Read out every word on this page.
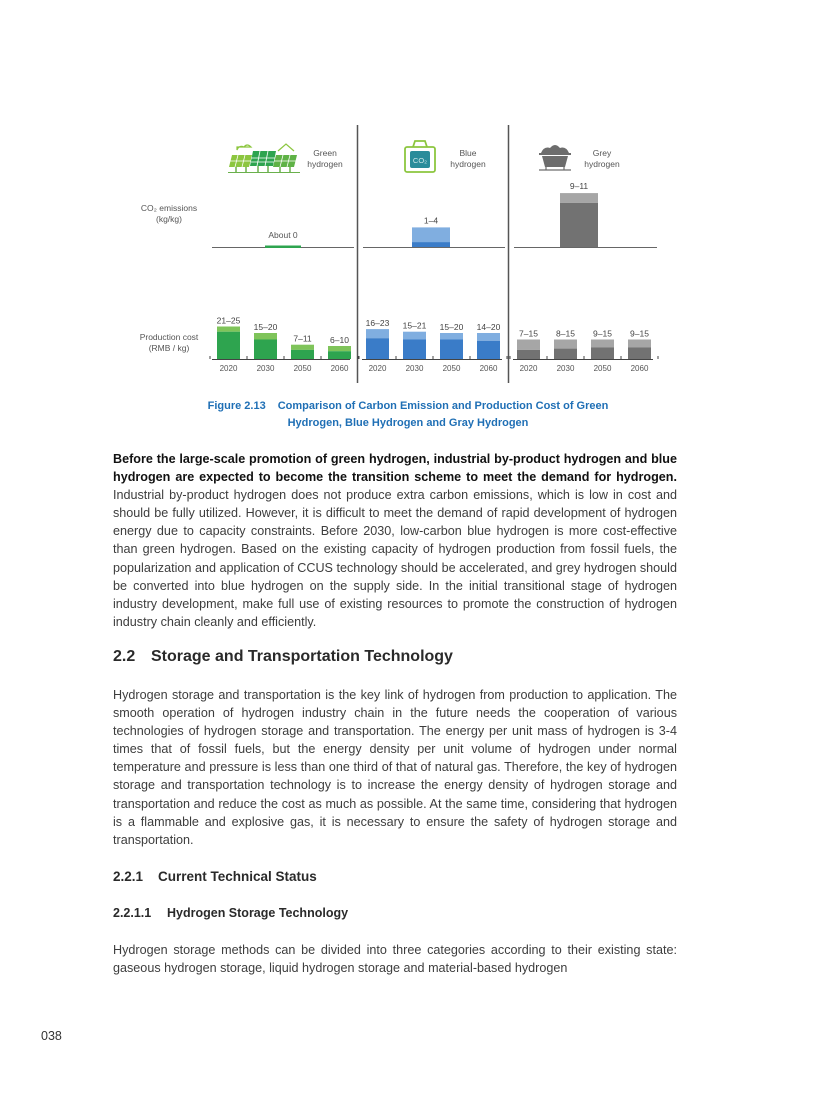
CO₂ emissions
(kg/kg)
Production cost
(RMB / kg)
Green
hydrogen
Blue
hydrogen
Grey
hydrogen
CO₂
About 0
1–4
9–11
21–25
2020
15–20
2030
7–11
2050
6–10
2060
16–23
2020
15–21
2030
15–20
2050
14–20
2060
7–15
2020
8–15
2030
9–15
2050
9–15
2060
Figure 2.13 Comparison of Carbon Emission and Production Cost of Green
Hydrogen, Blue Hydrogen and Gray Hydrogen

Before the large-scale promotion of green hydrogen, industrial by-product hydrogen and blue hydrogen are expected to become the transition scheme to meet the demand for hydrogen. Industrial by-product hydrogen does not produce extra carbon emissions, which is low in cost and should be fully utilized. However, it is difficult to meet the demand of rapid development of hydrogen energy due to capacity constraints. Before 2030, low-carbon blue hydrogen is more cost-effective than green hydrogen. Based on the existing capacity of hydrogen production from fossil fuels, the popularization and application of CCUS technology should be accelerated, and grey hydrogen should be converted into blue hydrogen on the supply side. In the initial transitional stage of hydrogen industry development, make full use of existing resources to promote the construction of hydrogen industry chain cleanly and efficiently.

2.2 Storage and Transportation Technology

Hydrogen storage and transportation is the key link of hydrogen from production to application. The smooth operation of hydrogen industry chain in the future needs the cooperation of various technologies of hydrogen storage and transportation. The energy per unit mass of hydrogen is 3-4 times that of fossil fuels, but the energy density per unit volume of hydrogen under normal temperature and pressure is less than one third of that of natural gas. Therefore, the key of hydrogen storage and transportation technology is to increase the energy density of hydrogen storage and transportation and reduce the cost as much as possible. At the same time, considering that hydrogen is a flammable and explosive gas, it is necessary to ensure the safety of hydrogen storage and transportation.

2.2.1 Current Technical Status
2.2.1.1 Hydrogen Storage Technology

Hydrogen storage methods can be divided into three categories according to their existing state: gaseous hydrogen storage, liquid hydrogen storage and material-based hydrogen

038
